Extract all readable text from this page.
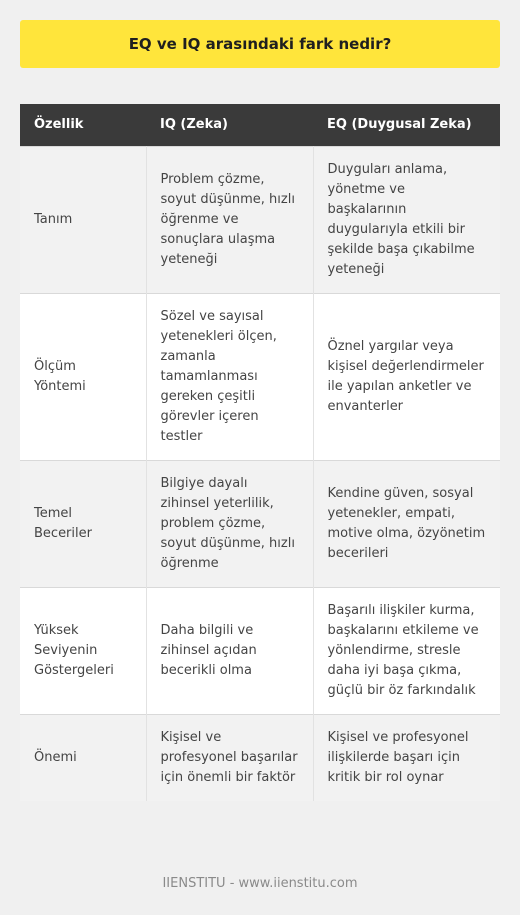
EQ ve IQ arasındaki fark nedir?
Özellik	IQ (Zeka)	EQ (Duygusal Zeka)
Tanım	Problem çözme, soyut düşünme, hızlı öğrenme ve sonuçlara ulaşma yeteneği	Duyguları anlama, yönetme ve başkalarının duygularıyla etkili bir şekilde başa çıkabilme yeteneği
Ölçüm Yöntemi	Sözel ve sayısal yetenekleri ölçen, zamanla tamamlanması gereken çeşitli görevler içeren testler	Öznel yargılar veya kişisel değerlendirmeler ile yapılan anketler ve envanterler
Temel Beceriler	Bilgiye dayalı zihinsel yeterlilik, problem çözme, soyut düşünme, hızlı öğrenme	Kendine güven, sosyal yetenekler, empati, motive olma, özyönetim becerileri
Yüksek Seviyenin Göstergeleri	Daha bilgili ve zihinsel açıdan becerikli olma	Başarılı ilişkiler kurma, başkalarını etkileme ve yönlendirme, stresle daha iyi başa çıkma, güçlü bir öz farkındalık
Önemi	Kişisel ve profesyonel başarılar için önemli bir faktör	Kişisel ve profesyonel ilişkilerde başarı için kritik bir rol oynar
IIENSTITU - www.iienstitu.com
